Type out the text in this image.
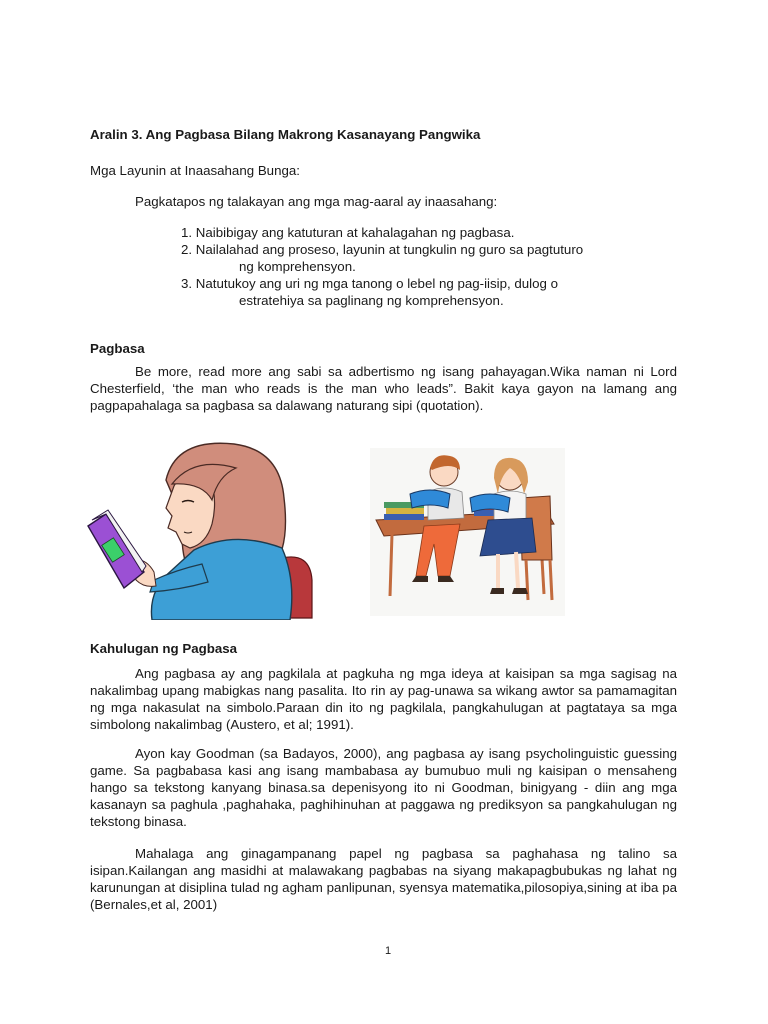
Aralin 3. Ang Pagbasa Bilang Makrong Kasanayang Pangwika
Mga Layunin at Inaasahang Bunga:
Pagkatapos ng talakayan ang mga mag-aaral ay inaasahang:
1. Naibibigay ang katuturan at kahalagahan ng pagbasa.
2. Nailalahad ang proseso, layunin at tungkulin ng guro sa pagtuturo
ng komprehensyon.
3. Natutukoy ang uri ng mga tanong o lebel ng pag-iisip, dulog o
estratehiya sa paglinang ng komprehensyon.
Pagbasa

Be more, read more ang sabi sa adbertismo ng isang pahayagan.Wika naman ni Lord Chesterfield, ‘the man who reads is the man who leads”. Bakit kaya gayon na lamang ang pagpapahalaga sa pagbasa sa dalawang naturang sipi (quotation).

Kahulugan ng Pagbasa

Ang pagbasa ay ang pagkilala at pagkuha ng mga ideya at kaisipan sa mga sagisag na nakalimbag upang mabigkas nang pasalita. Ito rin ay pag-unawa sa wikang awtor sa pamamagitan ng mga nakasulat na simbolo.Paraan din ito ng pagkilala, pangkahulugan at pagtataya sa mga simbolong nakalimbag (Austero, et al; 1991).

Ayon kay Goodman (sa Badayos, 2000), ang pagbasa ay isang psycholinguistic guessing game. Sa pagbabasa kasi ang isang mambabasa ay bumubuo muli ng kaisipan o mensaheng hango sa tekstong kanyang binasa.sa depenisyong ito ni Goodman, binigyang - diin ang mga kasanayn sa paghula ,paghahaka, paghihinuhan at paggawa ng prediksyon sa pangkahulugan ng tekstong binasa.

Mahalaga ang ginagampanang papel ng pagbasa sa paghahasa ng talino sa isipan.Kailangan ang masidhi at malawakang pagbabas na siyang makapagbubukas ng lahat ng karunungan at disiplina tulad ng agham panlipunan, syensya matematika,pilosopiya,sining at iba pa (Bernales,et al, 2001)

1
